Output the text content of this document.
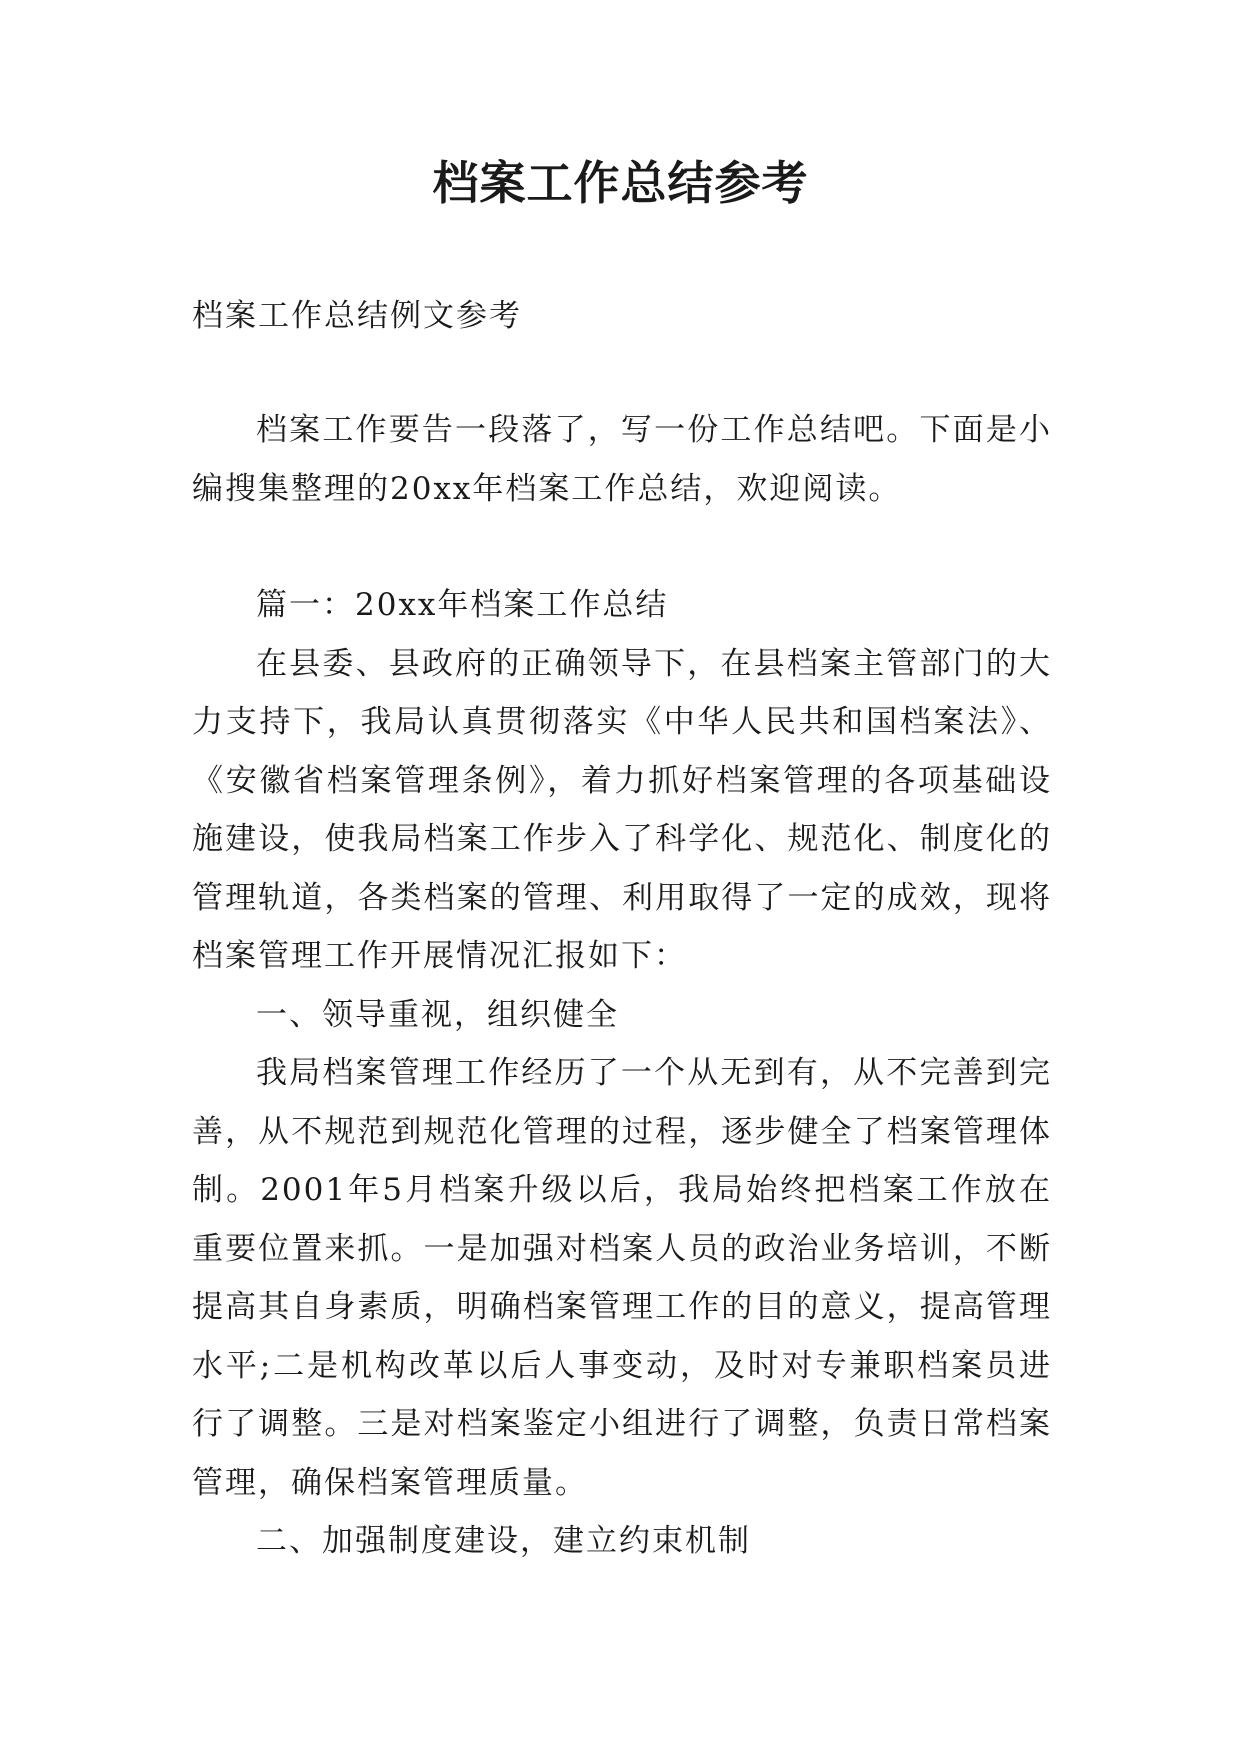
档案工作总结参考

档案工作总结例文参考

档案工作要告一段落了，写一份工作总结吧。下面是小编搜集整理的20xx年档案工作总结，欢迎阅读。

篇一：20xx年档案工作总结

在县委、县政府的正确领导下，在县档案主管部门的大力支持下，我局认真贯彻落实《中华人民共和国档案法》、《安徽省档案管理条例》，着力抓好档案管理的各项基础设施建设，使我局档案工作步入了科学化、规范化、制度化的管理轨道，各类档案的管理、利用取得了一定的成效，现将档案管理工作开展情况汇报如下：

一、领导重视，组织健全

我局档案管理工作经历了一个从无到有，从不完善到完善，从不规范到规范化管理的过程，逐步健全了档案管理体制。2001年5月档案升级以后，我局始终把档案工作放在重要位置来抓。一是加强对档案人员的政治业务培训，不断提高其自身素质，明确档案管理工作的目的意义，提高管理水平;二是机构改革以后人事变动，及时对专兼职档案员进行了调整。三是对档案鉴定小组进行了调整，负责日常档案管理，确保档案管理质量。

二、加强制度建设，建立约束机制
